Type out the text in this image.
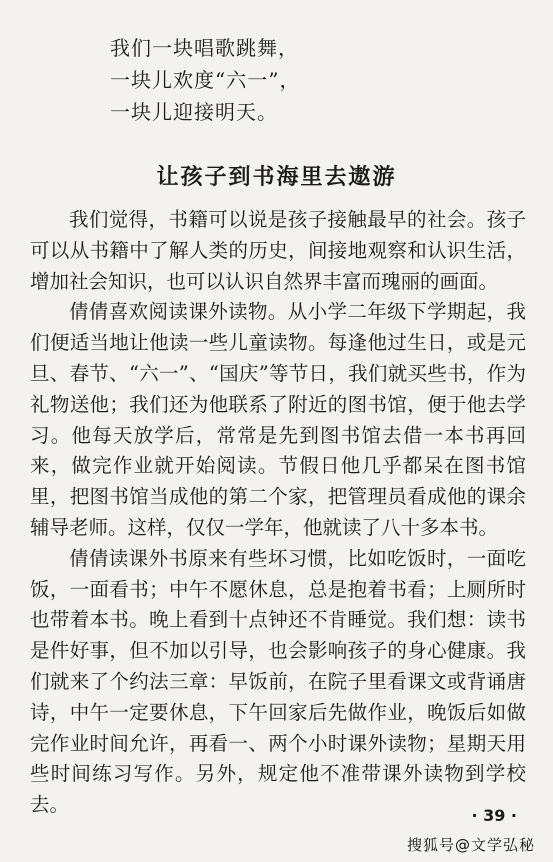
我们一块唱歌跳舞，
一块儿欢度“六一”，
一块儿迎接明天。
让孩子到书海里去遨游

我们觉得，书籍可以说是孩子接触最早的社会。孩子可以从书籍中了解人类的历史，间接地观察和认识生活，增加社会知识，也可以认识自然界丰富而瑰丽的画面。

倩倩喜欢阅读课外读物。从小学二年级下学期起，我们便适当地让他读一些儿童读物。每逢他过生日，或是元旦、春节、“六一”、“国庆”等节日，我们就买些书，作为礼物送他；我们还为他联系了附近的图书馆，便于他去学习。他每天放学后，常常是先到图书馆去借一本书再回来，做完作业就开始阅读。节假日他几乎都呆在图书馆里，把图书馆当成他的第二个家，把管理员看成他的课余辅导老师。这样，仅仅一学年，他就读了八十多本书。

倩倩读课外书原来有些坏习惯，比如吃饭时，一面吃饭，一面看书；中午不愿休息，总是抱着书看；上厕所时也带着本书。晚上看到十点钟还不肯睡觉。我们想：读书是件好事，但不加以引导，也会影响孩子的身心健康。我们就来了个约法三章：早饭前，在院子里看课文或背诵唐诗，中午一定要休息，下午回家后先做作业，晚饭后如做完作业时间允许，再看一、两个小时课外读物；星期天用些时间练习写作。另外，规定他不准带课外读物到学校去。	· 39 ·
搜狐号@文学弘秘
